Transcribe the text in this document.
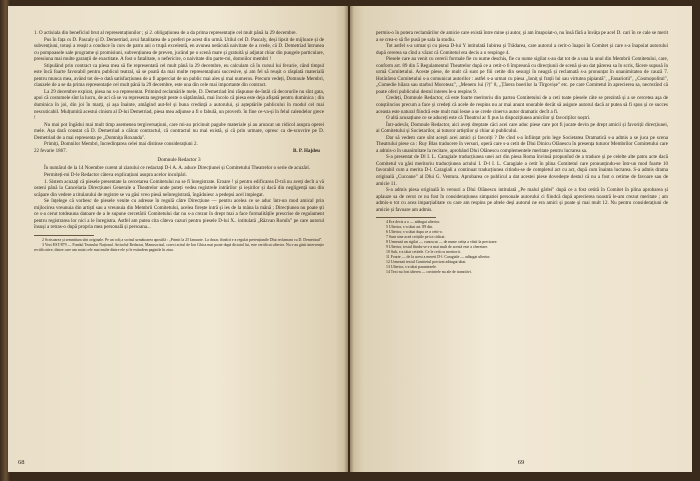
1. O actisiala din beneficiul brut al representațiunilor ; și 2. obligațiunea de a da prima representație cel mult până la 29 decembre.

Pus în fața cs D. Pascaly și D. Demetriad, avui fatalitatea de a preferi pe acest din urmă. Utilul cel D. Pascaly, deși lipsit de mijloace și de subvențiuni, totuși a reușit a conduce în curs de patru ani o trupă excelentă, en avunea netăcută naivitate de a crede, că D. Demetriad întrunea cu pompoasele sale programe și promisiuni, subvențiunea de preven, jucând pe o scenă mare și gratuită și adjutat chiar din pungele particulare, pressiuna mai multe garanții de exactitate. A fost o fatalitate, o nefericire, o naivitate din parte-mi, domnilor membri !

Stipulând prin contract ca piesa mea să fie representată cel mult până la 29 decembre, eu calculam că în cursul lui fevarie, când timpul este încă foarte favorabil pentru publicul teatral, să se poată da mai multe representațiuni succesive, și am fel să reușit o răsplată materială pentru munca mea, având tot de-o dată satisfacțiunea de a fi apperciat de un public mai ales și mai numeros. Precum vedeți, Domnule Membri, clauzele de a se da prima representație cel mult până la 29 decembre, este una din cele mai importante din contract.

La 29 decembre expirat, piesa nu s-a representat. Primind reclamările mele, D. Demetriad îmi răspunse de-întâi că decorurile nu sînt gata, apoi că costumele sînt la lucru, de aci că se va representa negreșit peste o săptămână, mai încolo că piesa este deja afișată pentru duminica ; din duminica în joi, din joi în marți, și așa înainte, amăgind aut-fel și buna credință a autorului, și așteptările publicului în modul cel mai nescuticabil. Mulțumită acestui cinism al D-lui Demetriad, piesa mea adjunse a fi o fabulă, un proverb. în fine ce-va-și în felul calendelor grece !

Nu mai pot îngădui mai mult timp asemenea tergiversațiuni, care mi-au pricinuit pagube materiale și au aruncat un ridicol asupra operei mele. Așa dară constat că D. Demetriad a călcat contractul, că contractul nu mai există, și că prin urmare, opresc ca de-scuvrire pe D. Demetriad de a mai representa pe „Domnița Roxanda".

Primiți, Domnilor Membri, încredințarea celei mai distinse considerațiuni 2.

22 fevarie 1867.	B. P. Hajdeu
Domnule Redactor 3

În numărul de la 14 Noembre curent al ziarului ce redactați D-l A. A. aduce Direcțiunei și Comitetului Theatrelor o serie de acuzări.

Permiteți-mi D-le Redactor câteva explicațiuni asupra acelor inculpări.

1. Sistem acuzați că piesele presentate la cercetarea Comitetului nu se fi înregistrate. Eroare ! și pentru edificarea D-tră nu aveți decît a vă osteni până la Cancelaria Direcțiunei Generale a Theatrelor unde puteți vedea registrele intrărilor și ieșirilor și dacă din negligență sau din scăpare din vedere a titularului de registre se va găsi vreo piesă neînregistrată, îngăduiesc a pedepsi acel impiegat.

Se înțelege că vorbesc de piesele venite cu adresse în regulă către Direcțiune — pentru acelea ce se aduc într-un mod amical prin mijlocirea vreunuia din artiști sau a vreunuia din Membrii Comitetului, acelea firește intră și ies de la mâna la mână ; Direcțiunea nu poate ști ce s-a cerut totdeauna datoare de a le supune cercetării Comitetului dar nu s-a crezut în drept mai a face formalitățile prescrise de regulament pentru registrarea lor nici a le înregistra. Astfel am putea cita câteva cazuri pentru piesele D-lui X.. intitulată „Răzvan Romîn" pe care autorul însuși a retras-o după propria mea personală și persoana...

2 Scrisoarea și semnătura sînt originale. Pe un colț a scrisul următoarea apostilă : „Primit la 25 Ianuarie. La dosar, fiindcă s-a regulat pretențiunile Dlui reclamant cu D. Demetriad".

3 Vezi EST/879 — Fondul Teatrului Național. Articolul Redactat, Manuscrisul, corect actiul de Ion Ghica mai poate după dictatul lui, este certificat ulterior. Nu s-au găsit intervenție rectificative, dintre care am notat cele mai multe dintre ele și le extindem paginile în ziua.

68

permis-o în potera reclamărilor de amicie care există între mine și autor, și am îmapoiat-o, nu însă fără a învăța pe acel D. cari în ce cale se merit a se crea-o să fie pusă pe sala la studiu.

Tot astfel s-a urmat și cu piesa D-lui Y intitulată Iubirea și Trădarea, care autorul a cerit-o înapoi în Comitet și care s-a înapoiat autorului după cererea sa cînd a văzut că Comitetul era decis a o respinge 4.

Piesele care au venit cu cererii formale fie cu nume deschis, fie cu nume sigilat s-au dat tot de a una la unul din Membrii Comitetului, care, conform art. 89 din 5 Regulamentul Theatrelor după ce a cetit-o 6 împreună cu direcțiunii de scenă și-au dat părerea sa în scris, făcere supusă în urmă Comitetului. Aceste piese, de mult că sunt pe fiii cetite din sesurgi în neagră și reclamată s-a pronunțat în unanimitatea de cauză 7. Hotărârea Comitetului s-a comunicat autorilor : astfel s-a urmat cu piesa „Ioniț și frații lui sau virtutea pipiantă", „Fanariotii", „Cosmopolitul", „Comedie hilara sau starbul Moroteaz", „Meneru lui (?)" 8, „Țărera boerilor la Tîrgovișe" etc. pe care Comitetul în aprecierea sa, necrezînd că poate oferi publicului destul interes le-a respins 9.

Credeți, Domnule Redactor, că este foarte meritoriu din partea Comitetului de a ceti toate piesele câte se prezintă și a se cercetea așa de conștiincios precum a face și credeți că acele de respins nu ar mai anunt onorable decât să asigure autorul dacă ar putea să fi spus și ce succes aceasta este natural fiindcă este mult mai lesne a se crede cinerva autor dramatic decît a fi.

O altă acusațiune ce se aduceți este că Theatrul ar fi pus la dispozițiunea amicilor și favoriților noștri.

Într-adevăr, Domnule Redactor, aici aveți dreptate căci acei care aduc piese care pot fi jucate devin pe drept amicii și favoriții direcțiunei, ai Comitetului și Societarilor, ai tuturor artiștilor și chiar ai publicului.

Dar să vedem care sînt acești acei amici și favoriți ? De cînd s-a înființat prin lege Societatea Dramatică s-a admis a se juca pe scena Theatrului piese ca : Ruy Blas traducere în versuri, operă care s-a cetit de Dlui Dinicu Olănescu în presența tuturor Membrilor Comitetului care a admis-o în unanimitate la recitare, aprobând Dlui Olănescu complementele meritate pentru lucrarea sa.

S-a presentat de Dl I. L. Caragiale traducțiunea unei act din piesa Roma învinsă propunînd de a traduce și pe celelte alte patru acte dacă Comitetul va găsi meritoriu traducțiunea actului I. D-l I. L. Caragiale a cetit în plina Comitetul care pronunțindu-se într-un mod foarte 10 favorabil cum a merita D-l. Caragiali a continuat traducțiunea citindu-se de completul act cu act, după cum înainta lucrarea. S-a admis drama originală „Cucoane" al Dlui G. Ventura. Aprobarea ce publicul a dat acestei piese dovedește destul că nu a fost o cetime de favoare sau de amicie 11.

S-a admis piesa originală în versuri a Dlui Olănescu intitulată „Pe malul gârlei" după ce a fost cetită în Comitet în plina aprobarea și aplauze sa de cerut ce nu fost în considerațiunea simpatiei personale autorului ci fiindcă după aprecierea noastră le-am crezut meritate ; am admis-o tot cu acea imparțialitate cu care am respins pe altele deși autorul ne era amici și poate și mai mult 12. Nu pentru considerațiuni de amicie și favoare am admis.

4 Era decis a o — adăugat ulterior.
5 Ulterior, s-a tăiat art. 89 din.
6 Ulterior, s-a tăiat dupa ce a cetit-o.
7 Sunt sine aceă cetițiile pe tot ridicat.
8 Urmează un rigilat — cunoscut — de nume cetița a vâzit la precizare.
9 Ulterior, textul fiindu-se s-a mai mult de acestă este a cheretare.
10 Sub, s-a tăiat cetitele. Ce le cetă cu meritorii.
11 Foarte — de la acest a mereti D-l. Caragiale — adăugat ulterior.
12 Urmează textul Comitetul precizat adăugat tăiat.
13 Ulterior, s-a tăiat parantezele.
14 Text nu fost tăierea — cuvintele nu ale de tranzitivi.
69
